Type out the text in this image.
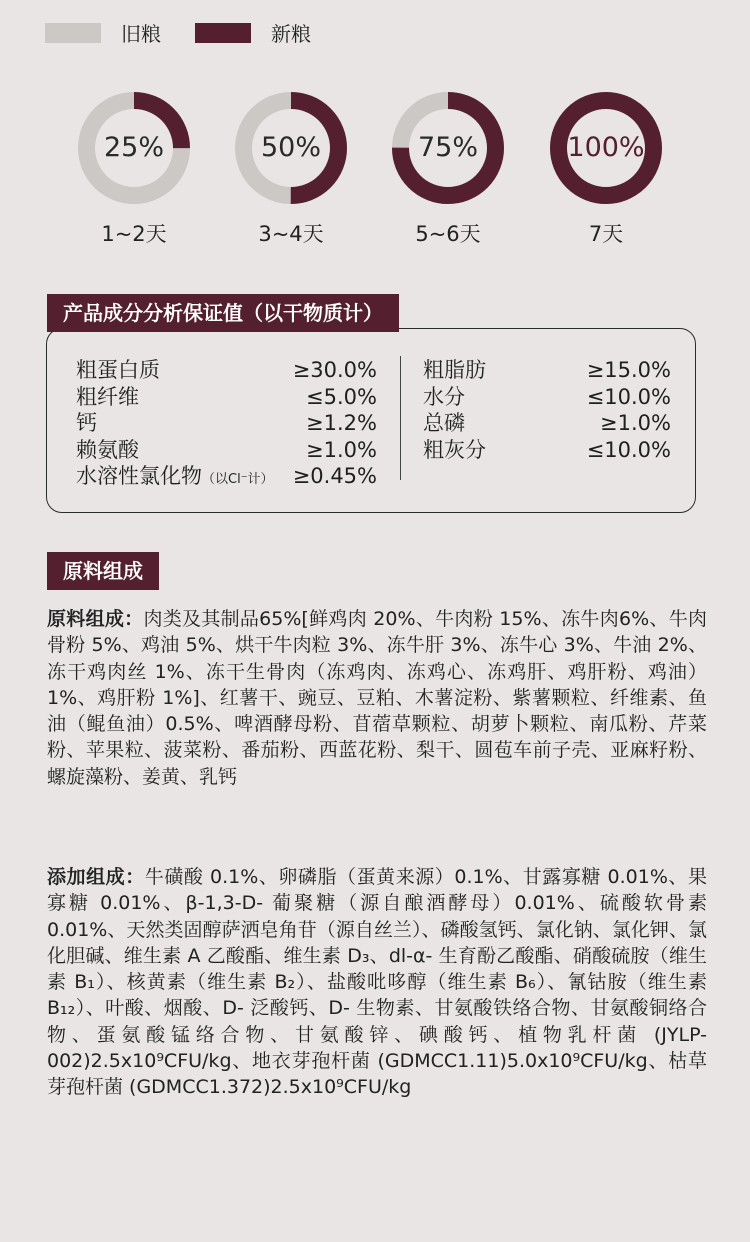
旧粮	新粮
25%
1~2天
50%
3~4天
75%
5~6天
100%
7天
粗蛋白质	≥30.0%
粗纤维	≤5.0%
钙	≥1.2%
赖氨酸	≥1.0%
水溶性氯化物（以Cl⁻计） ≥0.45%
粗脂肪	≥15.0%
水分	≤10.0%
总磷	≥1.0%
粗灰分	≤10.0%
产品成分分析保证值（以干物质计）
原料组成
原料组成：肉类及其制品65%[鲜鸡肉 20%、牛肉粉 15%、冻牛肉6%、牛肉骨粉 5%、鸡油 5%、烘干牛肉粒 3%、冻牛肝 3%、冻牛心 3%、牛油 2%、冻干鸡肉丝 1%、冻干生骨肉（冻鸡肉、冻鸡心、冻鸡肝、鸡肝粉、鸡油）1%、鸡肝粉 1%]、红薯干、豌豆、豆粕、木薯淀粉、紫薯颗粒、纤维素、鱼油（鲲鱼油）0.5%、啤酒酵母粉、苜蓿草颗粒、胡萝卜颗粒、南瓜粉、芹菜粉、苹果粒、菠菜粉、番茄粉、西蓝花粉、梨干、圆苞车前子壳、亚麻籽粉、螺旋藻粉、姜黄、乳钙
添加组成：牛磺酸 0.1%、卵磷脂（蛋黄来源）0.1%、甘露寡糖 0.01%、果寡糖 0.01%、β-1,3-D- 葡聚糖（源自酿酒酵母）0.01%、硫酸软骨素 0.01%、天然类固醇萨洒皂角苷（源自丝兰）、磷酸氢钙、氯化钠、氯化钾、氯化胆碱、维生素 A 乙酸酯、维生素 D₃、dl-α- 生育酚乙酸酯、硝酸硫胺（维生素 B₁）、核黄素（维生素 B₂）、盐酸吡哆醇（维生素 B₆）、氰钴胺（维生素 B₁₂）、叶酸、烟酸、D- 泛酸钙、D- 生物素、甘氨酸铁络合物、甘氨酸铜络合物、蛋氨酸锰络合物、甘氨酸锌、碘酸钙、植物乳杆菌 (JYLP-002)2.5x10⁹CFU/kg、地衣芽孢杆菌 (GDMCC1.11)5.0x10⁹CFU/kg、枯草芽孢杆菌 (GDMCC1.372)2.5x10⁹CFU/kg
